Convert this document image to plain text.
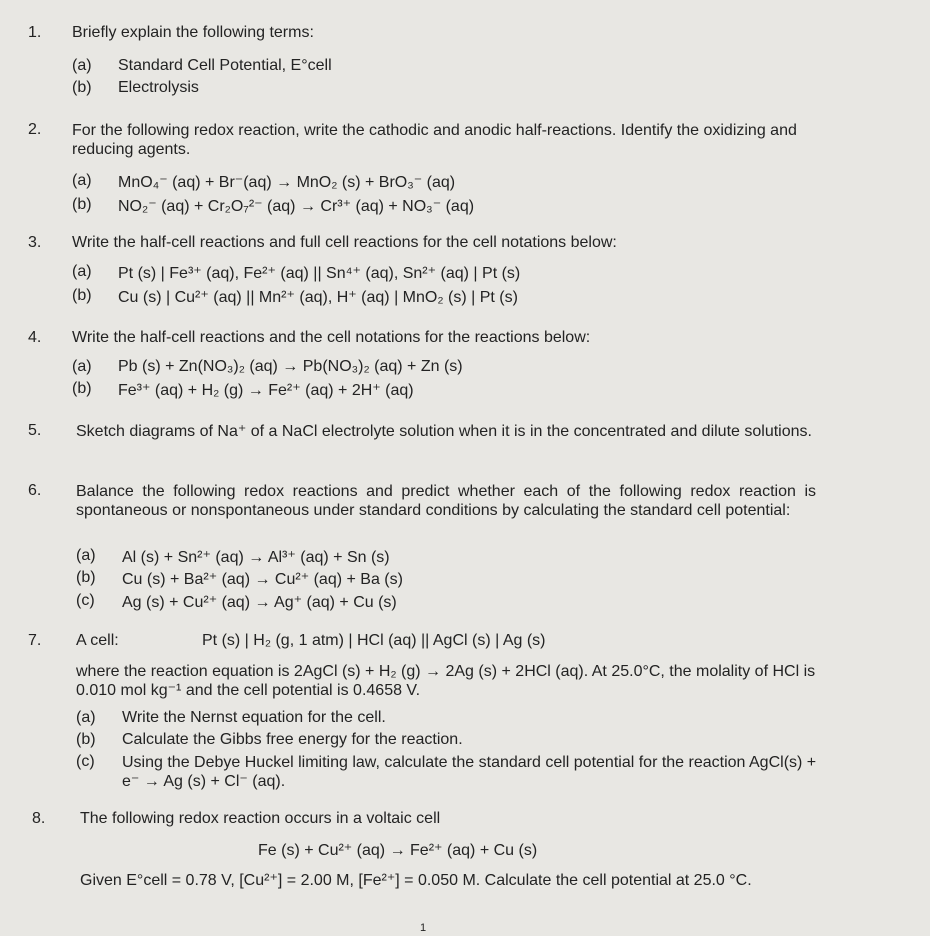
1. Briefly explain the following terms:
(a) Standard Cell Potential, E°cell
(b) Electrolysis
2. For the following redox reaction, write the cathodic and anodic half-reactions. Identify the oxidizing and reducing agents.
(a) MnO₄⁻ (aq) + Br⁻(aq) → MnO₂ (s) + BrO₃⁻ (aq)
(b) NO₂⁻ (aq) + Cr₂O₇²⁻ (aq) → Cr³⁺ (aq) + NO₃⁻ (aq)
3. Write the half-cell reactions and full cell reactions for the cell notations below:
(a) Pt (s) | Fe³⁺ (aq), Fe²⁺ (aq) || Sn⁴⁺ (aq), Sn²⁺ (aq) | Pt (s)
(b) Cu (s) | Cu²⁺ (aq) || Mn²⁺ (aq), H⁺ (aq) | MnO₂ (s) | Pt (s)
4. Write the half-cell reactions and the cell notations for the reactions below:
(a) Pb (s) + Zn(NO₃)₂ (aq) → Pb(NO₃)₂ (aq) + Zn (s)
(b) Fe³⁺ (aq) + H₂ (g) → Fe²⁺ (aq) + 2H⁺ (aq)
5. Sketch diagrams of Na⁺ of a NaCl electrolyte solution when it is in the concentrated and dilute solutions.
6. Balance the following redox reactions and predict whether each of the following redox reaction is spontaneous or nonspontaneous under standard conditions by calculating the standard cell potential:
(a) Al (s) + Sn²⁺ (aq) → Al³⁺ (aq) + Sn (s)
(b) Cu (s) + Ba²⁺ (aq) → Cu²⁺ (aq) + Ba (s)
(c) Ag (s) + Cu²⁺ (aq) → Ag⁺ (aq) + Cu (s)
7. A cell:	Pt (s) | H₂ (g, 1 atm) | HCl (aq) || AgCl (s) | Ag (s)
where the reaction equation is 2AgCl (s) + H₂ (g) → 2Ag (s) + 2HCl (aq). At 25.0°C, the molality of HCl is 0.010 mol kg⁻¹ and the cell potential is 0.4658 V.
(a) Write the Nernst equation for the cell.
(b) Calculate the Gibbs free energy for the reaction.
(c) Using the Debye Huckel limiting law, calculate the standard cell potential for the reaction AgCl(s) + e⁻ → Ag (s) + Cl⁻ (aq).
8. The following redox reaction occurs in a voltaic cell
Fe (s) + Cu²⁺ (aq) → Fe²⁺ (aq) + Cu (s)
Given E°cell = 0.78 V, [Cu²⁺] = 2.00 M, [Fe²⁺] = 0.050 M. Calculate the cell potential at 25.0 °C.
1
